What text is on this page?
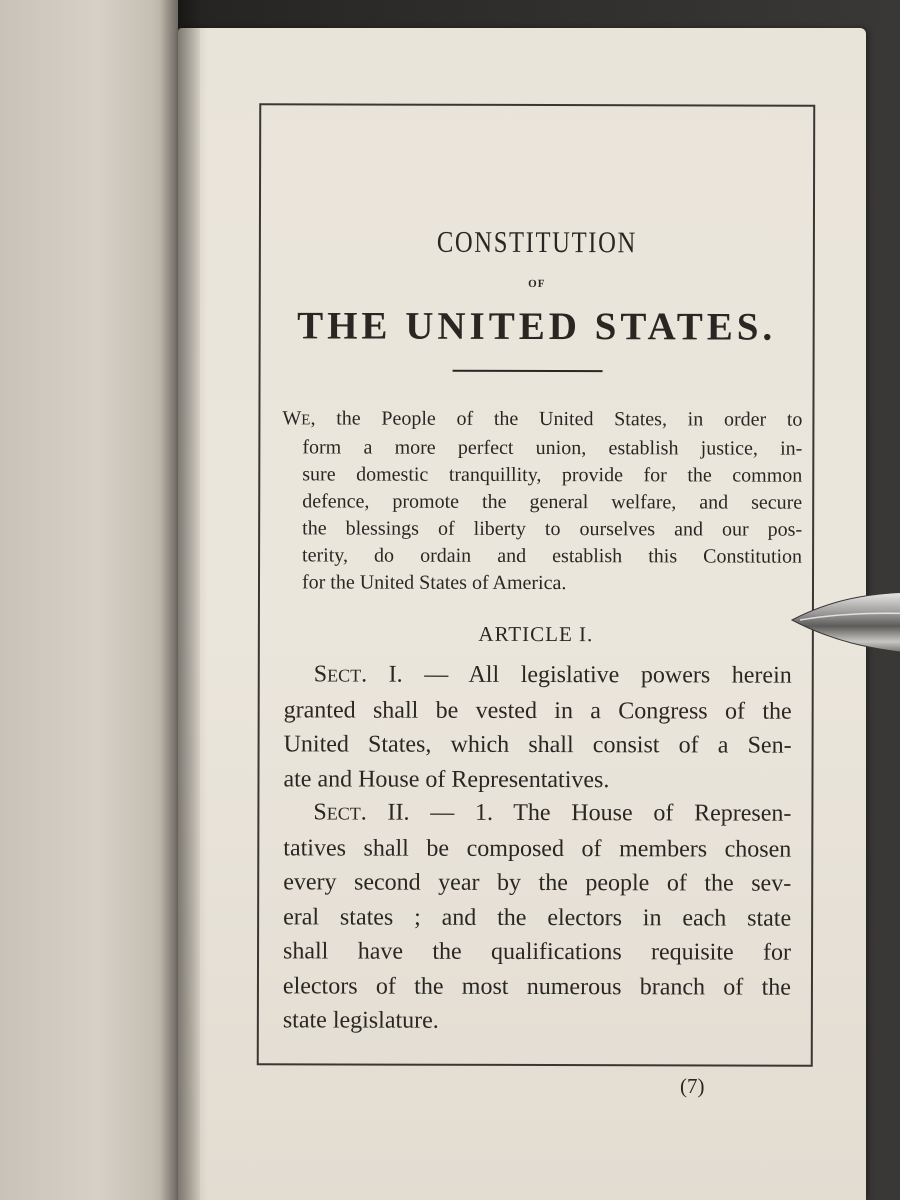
CONSTITUTION
OF
THE UNITED STATES.
WE, the People of the United States, in order to
form a more perfect union, establish justice, in-
sure domestic tranquillity, provide for the common
defence, promote the general welfare, and secure
the blessings of liberty to ourselves and our pos-
terity, do ordain and establish this Constitution
for the United States of America.
ARTICLE I.
SECT. I. — All legislative powers herein
granted shall be vested in a Congress of the
United States, which shall consist of a Sen-
ate and House of Representatives.
SECT. II. — 1. The House of Represen-
tatives shall be composed of members chosen
every second year by the people of the sev-
eral states ; and the electors in each state
shall have the qualifications requisite for
electors of the most numerous branch of the
state legislature.
(7)
